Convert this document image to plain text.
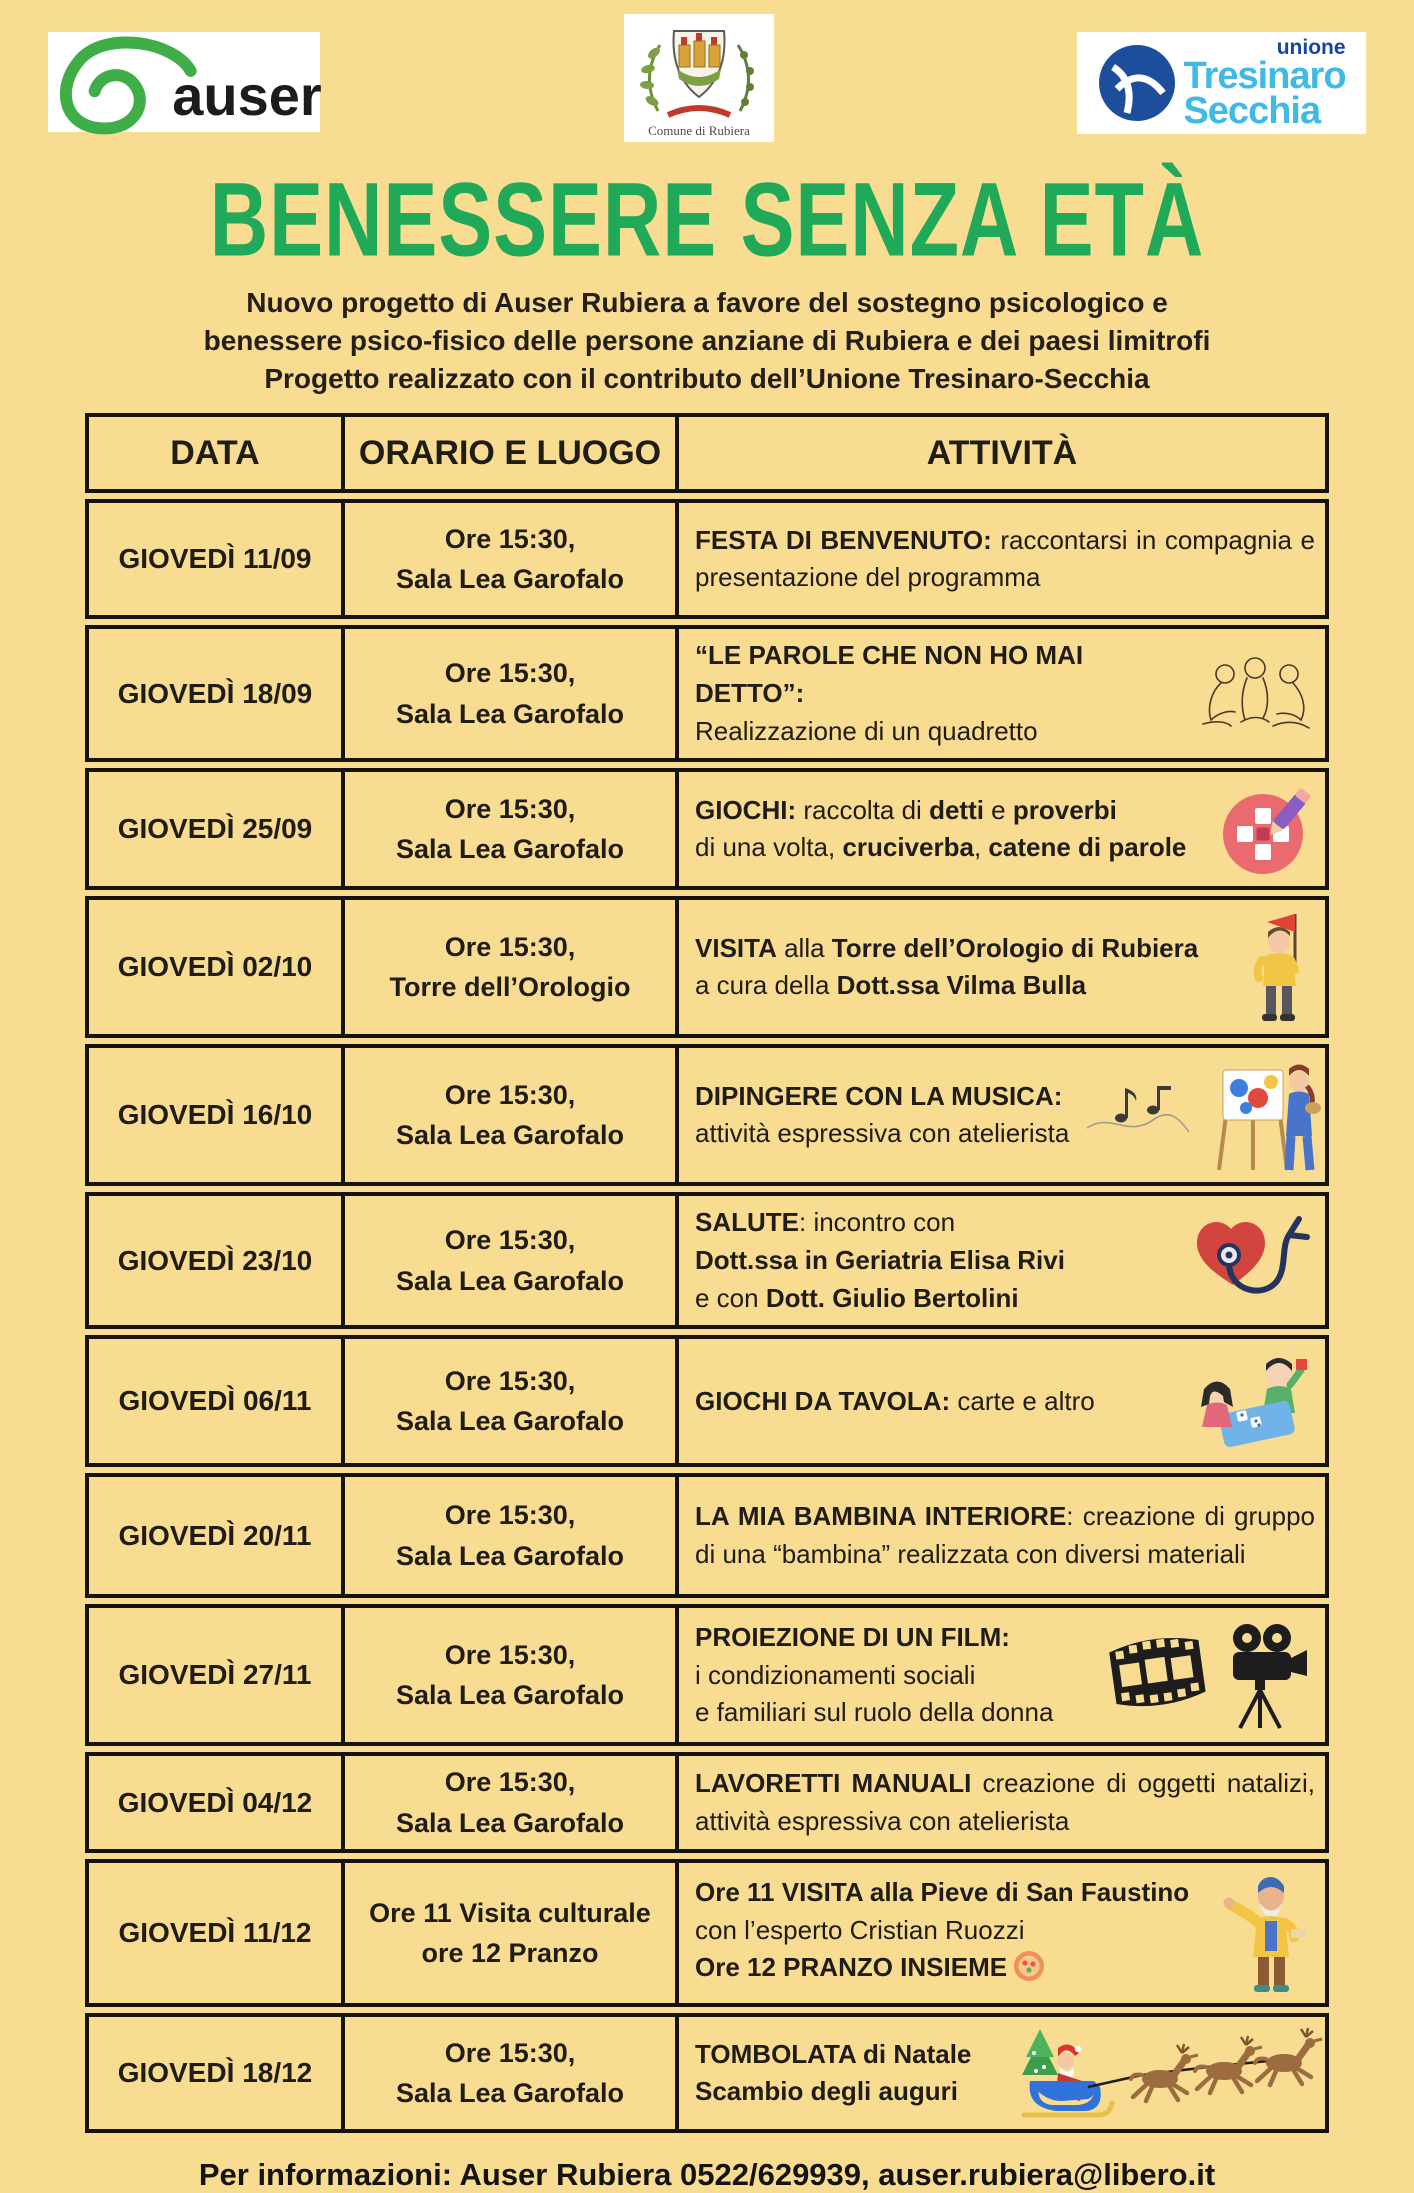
auser
Comune di Rubiera
unione
Tresinaro
Secchia
BENESSERE SENZA ETÀ
Nuovo progetto di Auser Rubiera a favore del sostegno psicologico e
benessere psico-fisico delle persone anziane di Rubiera e dei paesi limitrofi
Progetto realizzato con il contributo dell’Unione Tresinaro-Secchia
DATA	ORARIO E LUOGO	ATTIVITÀ
GIOVEDÌ 11/09
Ore 15:30,
Sala Lea Garofalo
FESTA DI BENVENUTO: raccontarsi in compagnia e presentazione del programma
GIOVEDÌ 18/09
Ore 15:30,
Sala Lea Garofalo
“LE PAROLE CHE NON HO MAI DETTO”:
Realizzazione di un quadretto
GIOVEDÌ 25/09
Ore 15:30,
Sala Lea Garofalo
GIOCHI: raccolta di detti e proverbi
di una volta, cruciverba, catene di parole
GIOVEDÌ 02/10
Ore 15:30,
Torre dell’Orologio
VISITA alla Torre dell’Orologio di Rubiera
a cura della Dott.ssa Vilma Bulla
GIOVEDÌ 16/10
Ore 15:30,
Sala Lea Garofalo
DIPINGERE CON LA MUSICA:
attività espressiva con atelierista
GIOVEDÌ 23/10
Ore 15:30,
Sala Lea Garofalo
SALUTE: incontro con
Dott.ssa in Geriatria Elisa Rivi
e con Dott. Giulio Bertolini
GIOVEDÌ 06/11
Ore 15:30,
Sala Lea Garofalo
GIOCHI DA TAVOLA: carte e altro
GIOVEDÌ 20/11
Ore 15:30,
Sala Lea Garofalo
LA MIA BAMBINA INTERIORE: creazione di gruppo di una “bambina” realizzata con diversi materiali
GIOVEDÌ 27/11
Ore 15:30,
Sala Lea Garofalo
PROIEZIONE DI UN FILM:
i condizionamenti sociali
e familiari sul ruolo della donna
GIOVEDÌ 04/12
Ore 15:30,
Sala Lea Garofalo
LAVORETTI MANUALI creazione di oggetti natalizi, attività espressiva con atelierista
GIOVEDÌ 11/12
Ore 11 Visita culturale
ore 12 Pranzo
Ore 11 VISITA alla Pieve di San Faustino
con l’esperto Cristian Ruozzi
Ore 12 PRANZO INSIEME
GIOVEDÌ 18/12
Ore 15:30,
Sala Lea Garofalo
TOMBOLATA di Natale
Scambio degli auguri
Per informazioni: Auser Rubiera 0522/629939, auser.rubiera@libero.it
